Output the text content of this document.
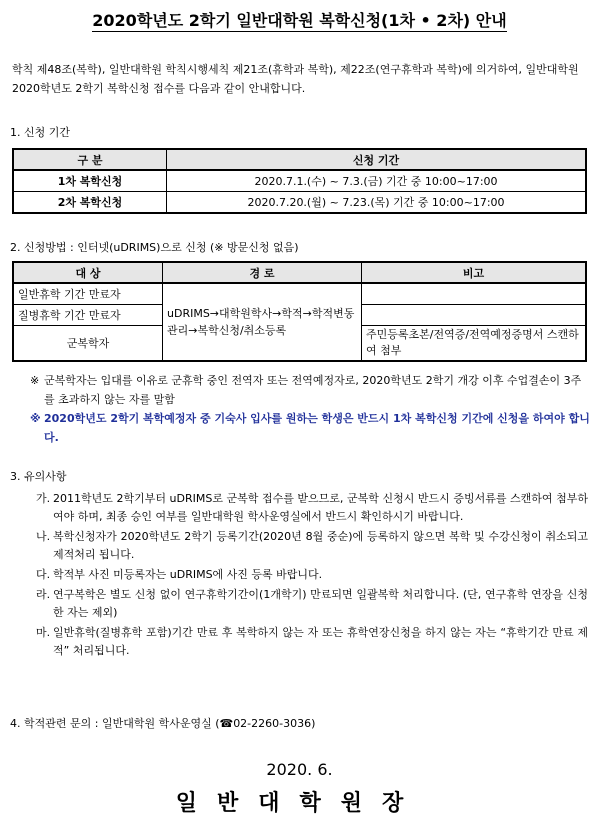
2020학년도 2학기 일반대학원 복학신청(1차 • 2차) 안내
학칙 제48조(복학), 일반대학원 학칙시행세칙 제21조(휴학과 복학), 제22조(연구휴학과 복학)에 의거하여, 일반대학원 2020학년도 2학기 복학신청 접수를 다음과 같이 안내합니다.
1. 신청 기간
구 분	신청 기간
1차 복학신청	2020.7.1.(수) ~ 7.3.(금) 기간 중 10:00~17:00
2차 복학신청	2020.7.20.(월) ~ 7.23.(목) 기간 중 10:00~17:00
2. 신청방법 : 인터넷(uDRIMS)으로 신청 (※ 방문신청 없음)
대 상	경 로	비고
일반휴학 기간 만료자	uDRIMS→대학원학사→학적→학적변동관리→복학신청/취소등록	
질병휴학 기간 만료자		
군복학자		주민등록초본/전역증/전역예정증명서 스캔하여 첨부
※ 군복학자는 입대를 이유로 군휴학 중인 전역자 또는 전역예정자로, 2020학년도 2학기 개강 이후 수업결손이 3주를 초과하지 않는 자를 말함
※ 2020학년도 2학기 복학예정자 중 기숙사 입사를 원하는 학생은 반드시 1차 복학신청 기간에 신청을 하여야 합니다.
3. 유의사항
가. 2011학년도 2학기부터 uDRIMS로 군복학 접수를 받으므로, 군복학 신청시 반드시 증빙서류를 스캔하여 첨부하여야 하며, 최종 승인 여부를 일반대학원 학사운영실에서 반드시 확인하시기 바랍니다.
나. 복학신청자가 2020학년도 2학기 등록기간(2020년 8월 중순)에 등록하지 않으면 복학 및 수강신청이 취소되고 제적처리 됩니다.
다. 학적부 사진 미등록자는 uDRIMS에 사진 등록 바랍니다.
라. 연구복학은 별도 신청 없이 연구휴학기간이(1개학기) 만료되면 일괄복학 처리합니다. (단, 연구휴학 연장을 신청한 자는 제외)
마. 일반휴학(질병휴학 포함)기간 만료 후 복학하지 않는 자 또는 휴학연장신청을 하지 않는 자는 “휴학기간 만료 제적” 처리됩니다.
4. 학적관련 문의 : 일반대학원 학사운영실 (☎02-2260-3036)
2020. 6.
일반대학원장
